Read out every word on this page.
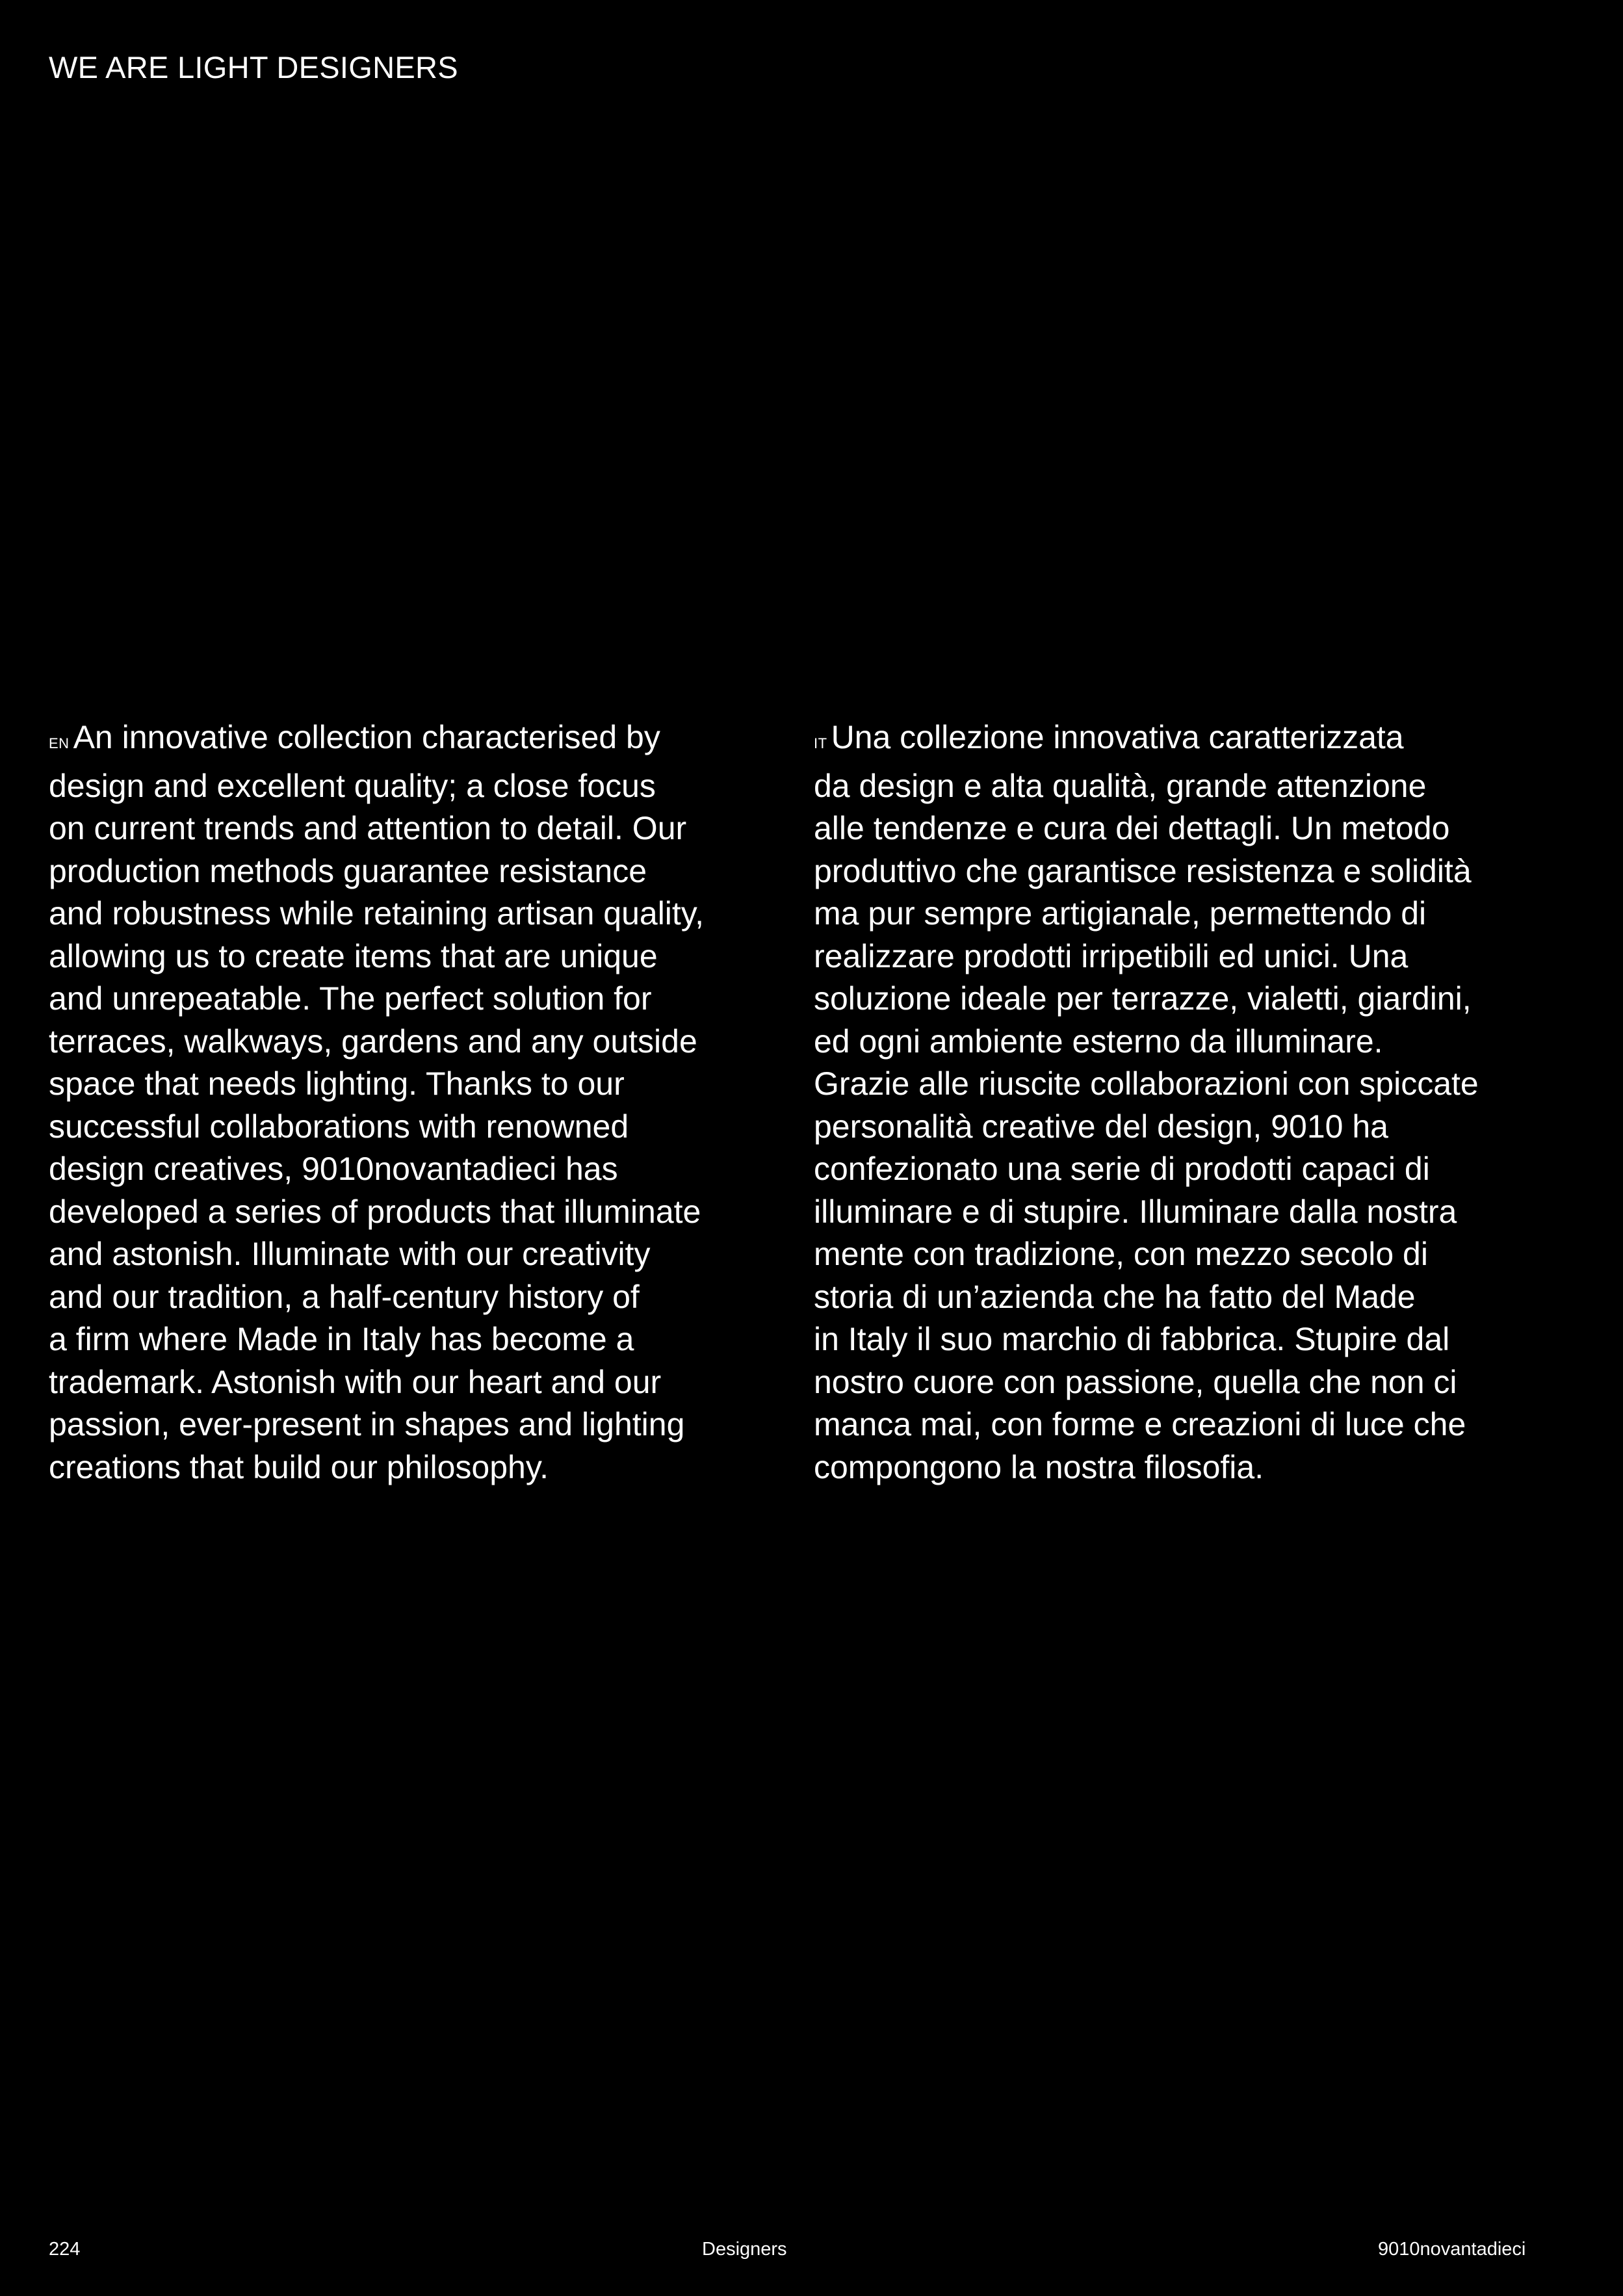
WE ARE LIGHT DESIGNERS
EN An innovative collection characterised by
design and excellent quality; a close focus
on current trends and attention to detail. Our
production methods guarantee resistance
and robustness while retaining artisan quality,
allowing us to create items that are unique
and unrepeatable. The perfect solution for
terraces, walkways, gardens and any outside
space that needs lighting. Thanks to our
successful collaborations with renowned
design creatives, 9010novantadieci has
developed a series of products that illuminate
and astonish. Illuminate with our creativity
and our tradition, a half-century history of
a firm where Made in Italy has become a
trademark. Astonish with our heart and our
passion, ever-present in shapes and lighting
creations that build our philosophy.
IT Una collezione innovativa caratterizzata
da design e alta qualità, grande attenzione
alle tendenze e cura dei dettagli. Un metodo
produttivo che garantisce resistenza e solidità
ma pur sempre artigianale, permettendo di
realizzare prodotti irripetibili ed unici. Una
soluzione ideale per terrazze, vialetti, giardini,
ed ogni ambiente esterno da illuminare.
Grazie alle riuscite collaborazioni con spiccate
personalità creative del design, 9010 ha
confezionato una serie di prodotti capaci di
illuminare e di stupire. Illuminare dalla nostra
mente con tradizione, con mezzo secolo di
storia di un’azienda che ha fatto del Made
in Italy il suo marchio di fabbrica. Stupire dal
nostro cuore con passione, quella che non ci
manca mai, con forme e creazioni di luce che
compongono la nostra filosofia.
224	Designers	9010novantadieci
